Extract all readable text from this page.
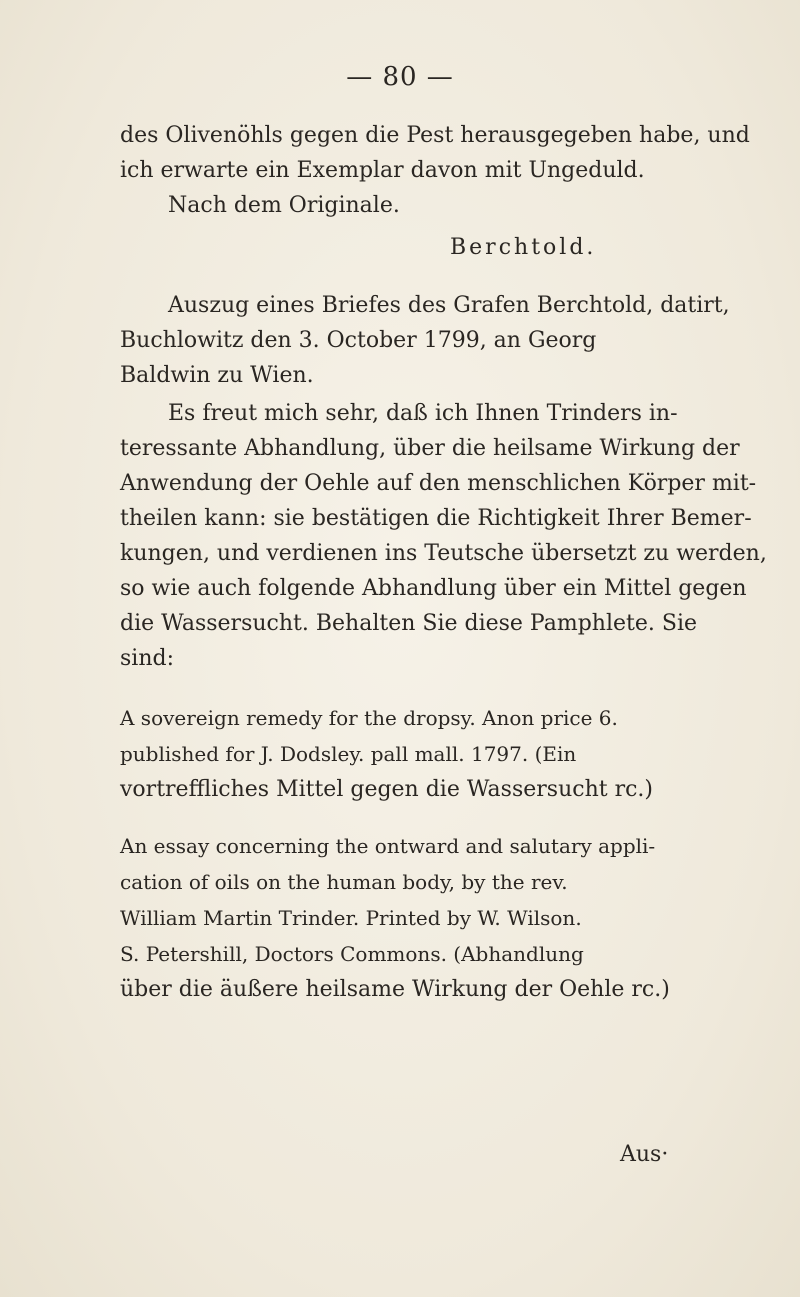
— 80 —
des Olivenöhls gegen die Pest herausgegeben habe, und
ich erwarte ein Exemplar davon mit Ungeduld.
Nach dem Originale.
Berchtold.
Auszug eines Briefes des Grafen Berchtold, datirt,
Buchlowitz den 3. October 1799, an Georg
Baldwin zu Wien.
Es freut mich sehr, daß ich Ihnen Trinders in-
teressante Abhandlung, über die heilsame Wirkung der
Anwendung der Oehle auf den menschlichen Körper mit-
theilen kann: sie bestätigen die Richtigkeit Ihrer Bemer-
kungen, und verdienen ins Teutsche übersetzt zu werden,
so wie auch folgende Abhandlung über ein Mittel gegen
die Wassersucht. Behalten Sie diese Pamphlete. Sie
sind:
A sovereign remedy for the dropsy. Anon price 6.
published for J. Dodsley. pall mall. 1797. (Ein
vortreffliches Mittel gegen die Wassersucht rc.)
An essay concerning the ontward and salutary appli-
cation of oils on the human body, by the rev.
William Martin Trinder. Printed by W. Wilson.
S. Petershill, Doctors Commons. (Abhandlung
über die äußere heilsame Wirkung der Oehle rc.)
Aus·
